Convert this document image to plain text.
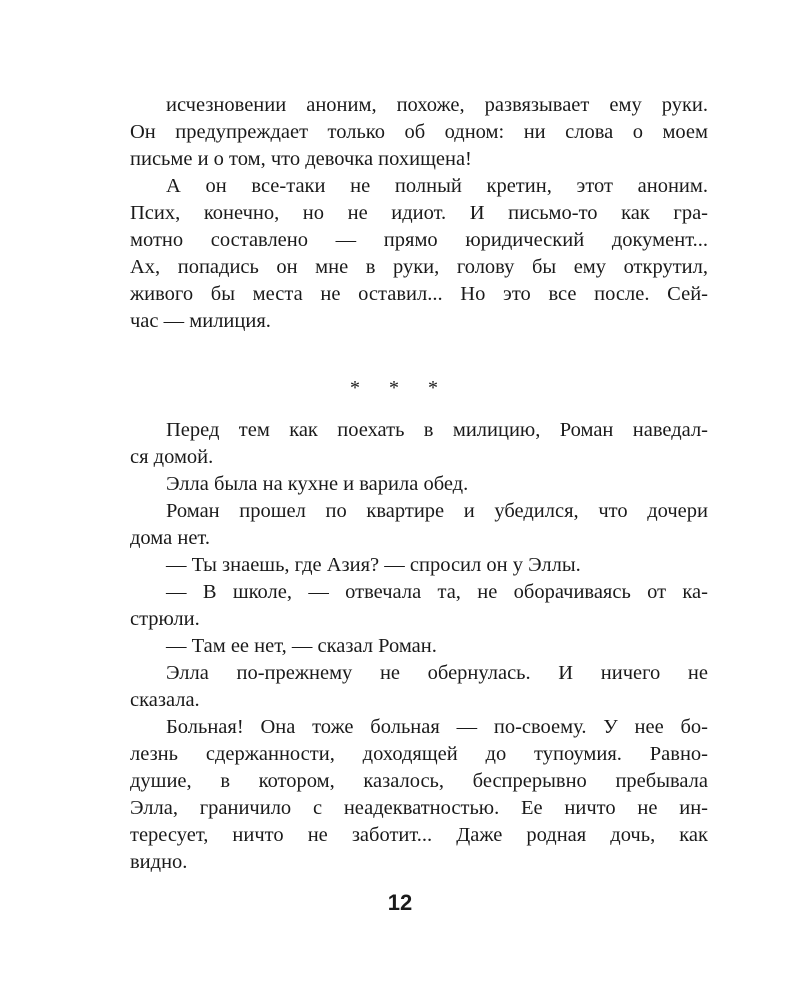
исчезновении аноним, похоже, развязывает ему руки.
Он предупреждает только об одном: ни слова о моем
письме и о том, что девочка похищена!
А он все-таки не полный кретин, этот аноним.
Псих, конечно, но не идиот. И письмо-то как гра-
мотно составлено — прямо юридический документ...
Ах, попадись он мне в руки, голову бы ему открутил,
живого бы места не оставил... Но это все после. Сей-
час — милиция.
* * *
Перед тем как поехать в милицию, Роман наведал-
ся домой.
Элла была на кухне и варила обед.
Роман прошел по квартире и убедился, что дочери
дома нет.
— Ты знаешь, где Азия? — спросил он у Эллы.
— В школе, — отвечала та, не оборачиваясь от ка-
стрюли.
— Там ее нет, — сказал Роман.
Элла по-прежнему не обернулась. И ничего не
сказала.
Больная! Она тоже больная — по-своему. У нее бо-
лезнь сдержанности, доходящей до тупоумия. Равно-
душие, в котором, казалось, беспрерывно пребывала
Элла, граничило с неадекватностью. Ее ничто не ин-
тересует, ничто не заботит... Даже родная дочь, как
видно.
12
